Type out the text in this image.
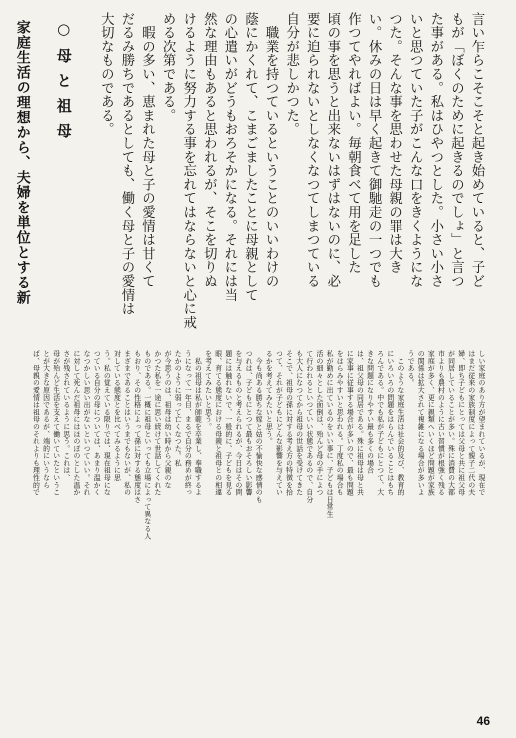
言い乍らこそこそと起き始めていると、子ど
もが「ぼくのために起きるのでしょ」と言つ
た事がある。私はひやつとした。小さい小さ
いと思つていた子がこんな口をきくようにな
つた。そんな事を思わせた母親の罪は大き
い。休みの日は早く起きて御馳走の一つでも
作つてやればよい。毎朝食べて用を足した
頃の事を思うと出来ないはずはないのに、必
要に迫られないとしなくなつてしまつている
自分が悲しかつた。
　職業を持つているということのいいわけの
蔭にかくれて、こまごましたことに母親として
の心遣いがどうもおろそかになる。それには当
然な理由もあると思われるが、そこを切りぬ
けるように努力する事を忘れてはならないと心に戒
める次第である。
　暇の多い、恵まれた母と子の愛情は甘くて
だるみ勝ちであるとしても、働く母と子の愛情は
大切なものである。
○母と祖母
家庭生活の理想から、夫婦を単位とする新
しい家庭のあり方が望まれているが、現在で
はまだ従来の家族制度によって親子二代の夫
婦、即ち子どもにとっては父母と共に祖父母
が同居していることが多い。殊に消費の大都
市よりも農村のように古い習慣が根強く残る
家庭が多く、更に親類へいくほど問題が家族
の関係は拡大されて複雑になる場合が多いよ
うである。
　このような家庭生活は社会的及び、教育的
にいろいろの問題をはらんでいることはもち
ろんである。中でも私が子どもにとつて、大
きな問題になりやすい最も多くの場合
は、祖父母の同居である。殊に祖母は母と共
に家事に従事する場合が多いので、最も問題
をはらみやすいと思われる。丁度私の場合も
私が勤めに出ているのをいい事に、子どもは日常生
活の細々とした面倒は、殆んど母の手によつ
て行われるといつていい状態であるので、自分
も大人になつてから祖母の世話を受けてきた
そこで、祖母の孫に対する考え方の特徴を拾
つて、それが子どもにどんな影響を与えてい
るかを考えてみたいと思う。
　今も尚ある勝ちな嫁と姑の不愉快な感情のも
つれは、子どもにとつて最もおそろしい影響
を与えるものと考えられるが、今日はその問
題には触れないで、一般的に、子どもを見る
眼、育てる態度における母親と祖母との相違
を考えてみたいと思う。
　私の祖母は私が師範を卒業し、奉職するよ
うになって一年目、まるで自分の務めが終っ
たかのように弱って亡くなつた。私
が今思うのは、祖母は幼い時から父親のな
かつた私を一途に思い続けて世話してくれた
ものである。一概に祖母といっても立場によって異なる人
もおり、その性格によって孫に対する態度はさ
まざまであることはいうまでもないが、私の
対している態度とを比べてみるように思
う。私の覚えている限りでは、現在祖母にな
つている自分の母については、あまり温かく
なつかしい思い出がないといつていい。それ
に対して死んだ祖母にはほのぼのとした温か
さが残されているように思う。これは、
母が殆んど生活を支えて働いていたというこ
とが大きな原因であるが、端的にいうなら
ば、母親の愛情は祖母のそれよりも理性的で
46
